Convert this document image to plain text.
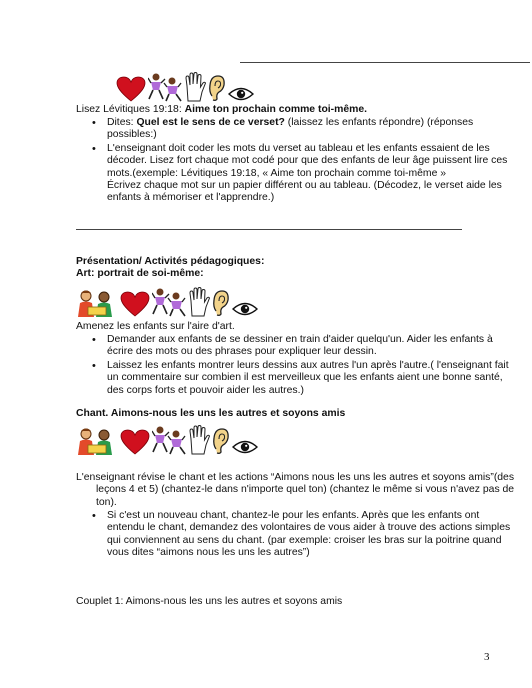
Lisez Lévitiques 19:18: Aime ton prochain comme toi-même.
• Dites: Quel est le sens de ce verset? (laissez les enfants répondre) (réponses possibles:)
• L'enseignant doit coder les mots du verset au tableau et les enfants essaient de les décoder. Lisez fort chaque mot codé pour que des enfants de leur âge puissent lire ces mots.(exemple: Lévitiques 19:18, « Aime ton prochain comme toi-même »
Écrivez chaque mot sur un papier différent ou au tableau. (Décodez, le verset aide les enfants à mémoriser et l'apprendre.)
Présentation/ Activités pédagogiques:
Art: portrait de soi-même:
Amenez les enfants sur l'aire d'art.
• Demander aux enfants de se dessiner en train d'aider quelqu'un. Aider les enfants à écrire des mots ou des phrases pour expliquer leur dessin.
• Laissez les enfants montrer leurs dessins aux autres l'un après l'autre.( l'enseignant fait un commentaire sur combien il est merveilleux que les enfants aient une bonne santé, des corps forts et pouvoir aider les autres.)
Chant. Aimons-nous les uns les autres et soyons amis
L'enseignant révise le chant et les actions “Aimons nous les uns les autres et soyons amis”(des leçons 4 et 5) (chantez-le dans n'importe quel ton) (chantez le même si vous n'avez pas de ton).
• Si c'est un nouveau chant, chantez-le pour les enfants. Après que les enfants ont entendu le chant, demandez des volontaires de vous aider à trouve des actions simples qui conviennent au sens du chant. (par exemple: croiser les bras sur la poitrine quand vous dites “aimons nous les uns les autres”)
Couplet 1: Aimons-nous les uns les autres et soyons amis
3
